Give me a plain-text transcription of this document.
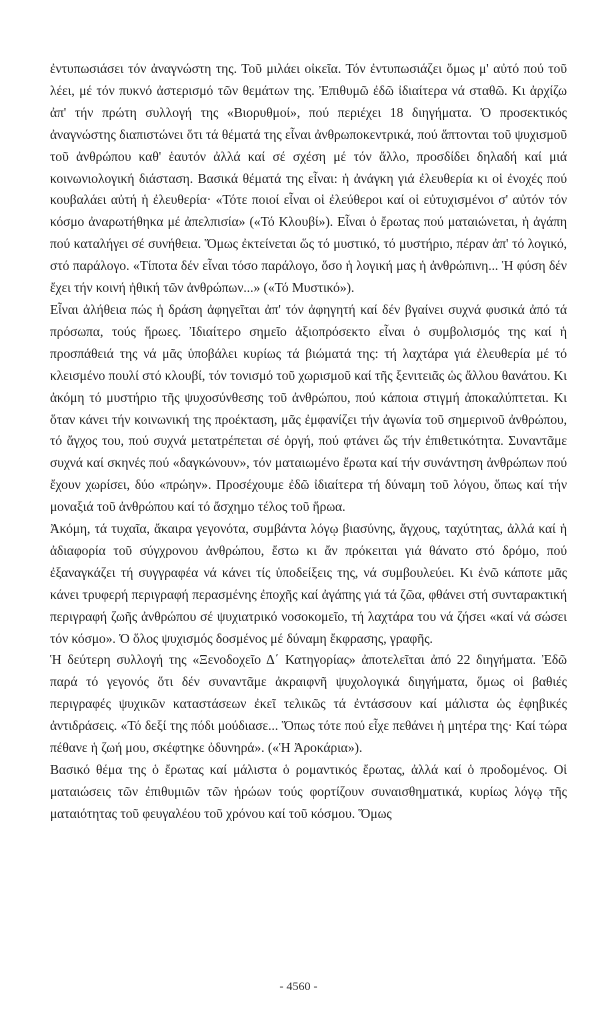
ἐντυπωσιάσει τόν ἀναγνώστη της. Τοῦ μιλάει οἰκεῖα. Τόν ἐντυπωσιάζει ὅμως μ' αὐτό πού τοῦ λέει, μέ τόν πυκνό ἀστερισμό τῶν θεμάτων της. Ἐπιθυμῶ ἐδῶ ἰδιαίτερα νά σταθῶ. Κι ἀρχίζω ἀπ' τήν πρώτη συλλογή της «Βιορυθμοί», πού περιέχει 18 διηγήματα. Ὁ προσεκτικός ἀναγνώστης διαπιστώνει ὅτι τά θέματά της εἶναι ἀνθρωποκεντρικά, πού ἅπτονται τοῦ ψυχισμοῦ τοῦ ἀνθρώπου καθ' ἑαυτόν ἀλλά καί σέ σχέση μέ τόν ἄλλο, προσδίδει δηλαδή καί μιά κοινωνιολογική διάσταση. Βασικά θέματά της εἶναι: ἡ ἀνάγκη γιά ἐλευθερία κι οἱ ἐνοχές πού κουβαλάει αὐτή ἡ ἐλευθερία· «Τότε ποιοί εἶναι οἱ ἐλεύθεροι καί οἱ εὐτυχισμένοι σ' αὐτόν τόν κόσμο ἀναρωτήθηκα μέ ἀπελπισία» («Τό Κλουβί»). Εἶναι ὁ ἔρωτας πού ματαιώνεται, ἡ ἀγάπη πού καταλήγει σέ συνήθεια. Ὅμως ἐκτείνεται ὥς τό μυστικό, τό μυστήριο, πέραν ἀπ' τό λογικό, στό παράλογο. «Τίποτα δέν εἶναι τόσο παράλογο, ὅσο ἡ λογική μας ἡ ἀνθρώπινη... Ἡ φύση δέν ἔχει τήν κοινή ἠθική τῶν ἀνθρώπων...» («Τό Μυστικό»).

Εἶναι ἀλήθεια πώς ἡ δράση ἀφηγεῖται ἀπ' τόν ἀφηγητή καί δέν βγαίνει συχνά φυσικά ἀπό τά πρόσωπα, τούς ἥρωες. Ἰδιαίτερο σημεῖο ἀξιοπρόσεκτο εἶναι ὁ συμβολισμός της καί ἡ προσπάθειά της νά μᾶς ὑποβάλει κυρίως τά βιώματά της: τή λαχτάρα γιά ἐλευθερία μέ τό κλεισμένο πουλί στό κλουβί, τόν τονισμό τοῦ χωρισμοῦ καί τῆς ξενιτειᾶς ὡς ἄλλου θανάτου. Κι ἀκόμη τό μυστήριο τῆς ψυχοσύνθεσης τοῦ ἀνθρώπου, πού κάποια στιγμή ἀποκαλύπτεται. Κι ὅταν κάνει τήν κοινωνική της προέκταση, μᾶς ἐμφανίζει τήν ἀγωνία τοῦ σημερινοῦ ἀνθρώπου, τό ἄγχος του, πού συχνά μετατρέπεται σέ ὀργή, πού φτάνει ὥς τήν ἐπιθετικότητα. Συναντᾶμε συχνά καί σκηνές πού «δαγκώνουν», τόν ματαιωμένο ἔρωτα καί τήν συνάντηση ἀνθρώπων πού ἔχουν χωρίσει, δύο «πρώην». Προσέχουμε ἐδῶ ἰδιαίτερα τή δύναμη τοῦ λόγου, ὅπως καί τήν μοναξιά τοῦ ἀνθρώπου καί τό ἄσχημο τέλος τοῦ ἥρωα.

Ἀκόμη, τά τυχαῖα, ἄκαιρα γεγονότα, συμβάντα λόγῳ βιασύνης, ἄγχους, ταχύτητας, ἀλλά καί ἡ ἀδιαφορία τοῦ σύγχρονου ἀνθρώπου, ἔστω κι ἄν πρόκειται γιά θάνατο στό δρόμο, πού ἐξαναγκάζει τή συγγραφέα νά κάνει τίς ὑποδείξεις της, νά συμβουλεύει. Κι ἐνῶ κάποτε μᾶς κάνει τρυφερή περιγραφή περασμένης ἐποχῆς καί ἀγάπης γιά τά ζῶα, φθάνει στή συνταρακτική περιγραφή ζωῆς ἀνθρώπου σέ ψυχιατρικό νοσοκομεῖο, τή λαχτάρα του νά ζήσει «καί νά σώσει τόν κόσμο». Ὁ ὅλος ψυχισμός δοσμένος μέ δύναμη ἔκφρασης, γραφῆς.

Ἡ δεύτερη συλλογή της «Ξενοδοχεῖο Δ΄ Κατηγορίας» ἀποτελεῖται ἀπό 22 διηγήματα. Ἐδῶ παρά τό γεγονός ὅτι δέν συναντᾶμε ἀκραιφνῆ ψυχολογικά διηγήματα, ὅμως οἱ βαθιές περιγραφές ψυχικῶν καταστάσεων ἐκεῖ τελικῶς τά ἐντάσσουν καί μάλιστα ὡς ἐφηβικές ἀντιδράσεις. «Τό δεξί της πόδι μούδιασε... Ὅπως τότε πού εἶχε πεθάνει ἡ μητέρα της· Καί τώρα πέθανε ἡ ζωή μου, σκέφτηκε ὀδυνηρά». («Ἡ Ἀροκάρια»).

Βασικό θέμα της ὁ ἔρωτας καί μάλιστα ὁ ρομαντικός ἔρωτας, ἀλλά καί ὁ προδομένος. Οἱ ματαιώσεις τῶν ἐπιθυμιῶν τῶν ἡρώων τούς φορτίζουν συναισθηματικά, κυρίως λόγῳ τῆς ματαιότητας τοῦ φευγαλέου τοῦ χρόνου καί τοῦ κόσμου. Ὅμως

- 4560 -
